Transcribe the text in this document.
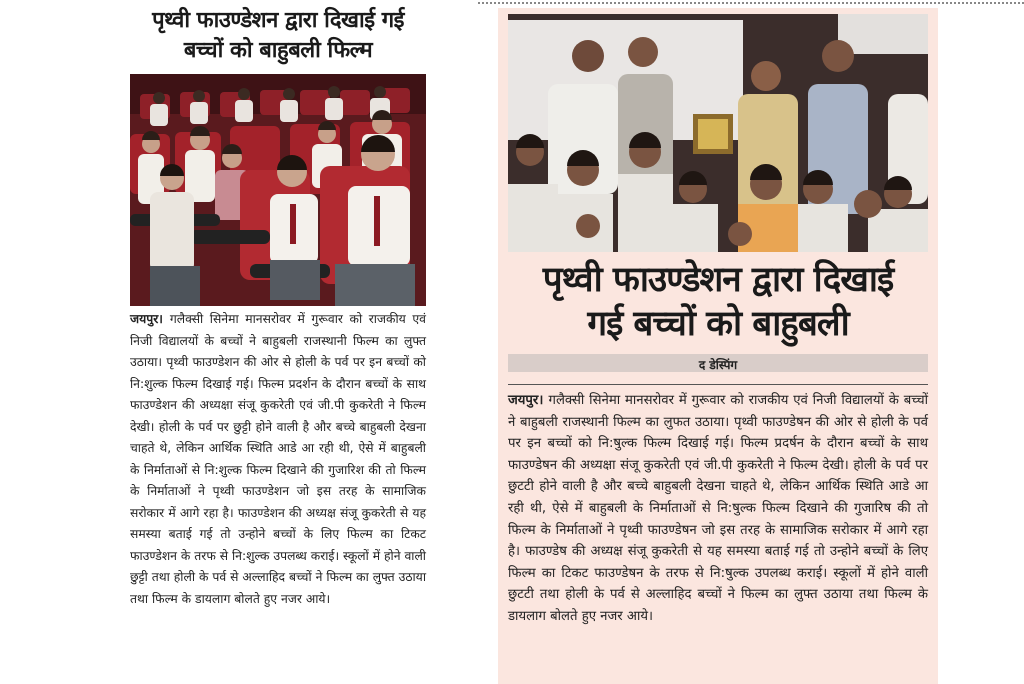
पृथ्वी फाउण्डेशन द्वारा दिखाई गई
बच्चों को बाहुबली फिल्म
जयपुर। गलैक्सी सिनेमा मानसरोवर में गुरूवार को राजकीय एवं निजी विद्यालयों के बच्चों ने बाहुबली राजस्थानी फिल्म का लुफ्त उठाया। पृथ्वी फाउण्डेशन की ओर से होली के पर्व पर इन बच्चों को नि:शुल्क फिल्म दिखाई गई। फिल्म प्रदर्शन के दौरान बच्चों के साथ फाउण्डेशन की अध्यक्षा संजू कुकरेती एवं जी.पी कुकरेती ने फिल्म देखी। होली के पर्व पर छुट्टी होने वाली है और बच्चे बाहुबली देखना चाहते थे, लेकिन आर्थिक स्थिति आडे आ रही थी, ऐसे में बाहुबली के निर्माताओं से नि:शुल्क फिल्म दिखाने की गुजारिश की तो फिल्म के निर्माताओं ने पृथ्वी फाउण्डेशन जो इस तरह के सामाजिक सरोकार में आगे रहा है। फाउण्डेशन की अध्यक्ष संजू कुकरेती से यह समस्या बताई गई तो उन्होने बच्चों के लिए फिल्म का टिकट फाउण्डेशन के तरफ से नि:शुल्क उपलब्ध कराई। स्कूलों में होने वाली छुट्टी तथा होली के पर्व से अल्लाहिद बच्चों ने फिल्म का लुफ्त उठाया तथा फिल्म के डायलाग बोलते हुए नजर आये।
पृथ्वी फाउण्डेशन द्वारा दिखाई
गई बच्चों को बाहुबली
द डेस्पिंग
जयपुर। गलैक्सी सिनेमा मानसरोवर में गुरूवार को राजकीय एवं निजी विद्यालयों के बच्चों ने बाहुबली राजस्थानी फिल्म का लुफत उठाया। पृथ्वी फाउण्डेषन की ओर से होली के पर्व पर इन बच्चों को नि:षुल्क फिल्म दिखाई गई। फिल्म प्रदर्षन के दौरान बच्चों के साथ फाउण्डेषन की अध्यक्षा संजू कुकरेती एवं जी.पी कुकरेती ने फिल्म देखी। होली के पर्व पर छुटटी होने वाली है और बच्चे बाहुबली देखना चाहते थे, लेकिन आर्थिक स्थिति आडे आ रही थी, ऐसे में बाहुबली के निर्माताओं से नि:षुल्क फिल्म दिखाने की गुजारिष की तो फिल्म के निर्माताओं ने पृथ्वी फाउण्डेषन जो इस तरह के सामाजिक सरोकार में आगे रहा है। फाउण्डेष की अध्यक्ष संजू कुकरेती से यह समस्या बताई गई तो उन्होने बच्चों के लिए फिल्म का टिकट फाउण्डेषन के तरफ से नि:षुल्क उपलब्ध कराई। स्कूलों में होने वाली छुटटी तथा होली के पर्व से अल्लाहिद बच्चों ने फिल्म का लुफ्त उठाया तथा फिल्म के डायलाग बोलते हुए नजर आये।
